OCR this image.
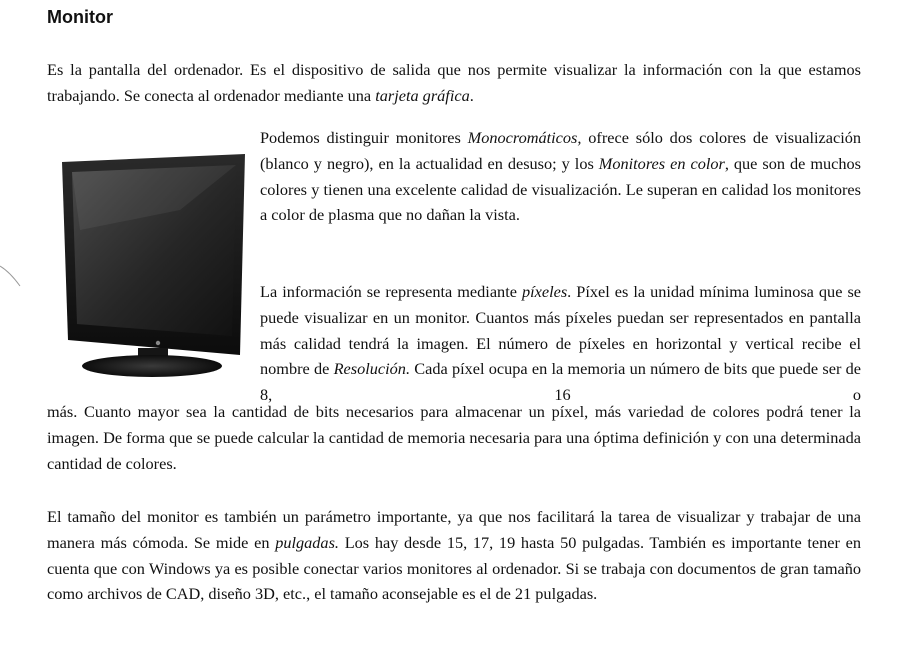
Monitor

Es la pantalla del ordenador. Es el dispositivo de salida que nos permite visualizar la información con la que estamos trabajando. Se conecta al ordenador mediante una tarjeta gráfica.

Podemos distinguir monitores Monocromáticos, ofrece sólo dos colores de visualización (blanco y negro), en la actualidad en desuso; y los Monitores en color, que son de muchos colores y tienen una excelente calidad de visualización. Le superan en calidad los monitores a color de plasma que no dañan la vista.

La información se representa mediante píxeles. Píxel es la unidad mínima luminosa que se puede visualizar en un monitor. Cuantos más píxeles puedan ser representados en pantalla más calidad tendrá la imagen. El número de píxeles en horizontal y vertical recibe el nombre de Resolución. Cada píxel ocupa en la memoria un número de bits que puede ser de 8, 16 o

más. Cuanto mayor sea la cantidad de bits necesarios para almacenar un píxel, más variedad de colores podrá tener la imagen. De forma que se puede calcular la cantidad de memoria necesaria para una óptima definición y con una determinada cantidad de colores.

El tamaño del monitor es también un parámetro importante, ya que nos facilitará la tarea de visualizar y trabajar de una manera más cómoda. Se mide en pulgadas. Los hay desde 15, 17, 19 hasta 50 pulgadas. También es importante tener en cuenta que con Windows ya es posible conectar varios monitores al ordenador. Si se trabaja con documentos de gran tamaño como archivos de CAD, diseño 3D, etc., el tamaño aconsejable es el de 21 pulgadas.
